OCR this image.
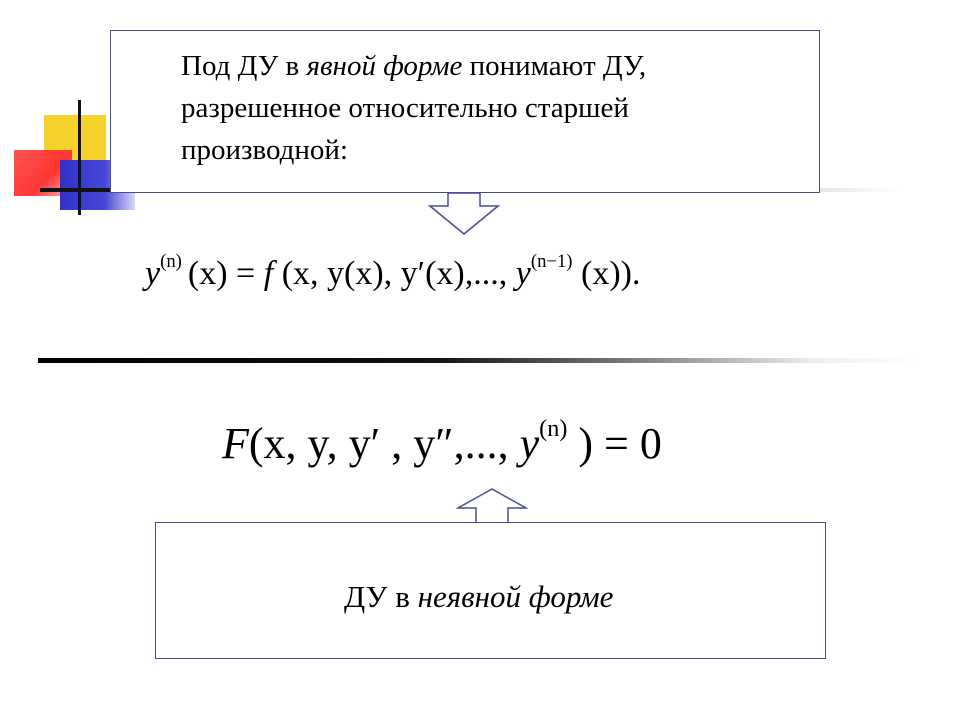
Под ДУ в явной форме понимают ДУ,
разрешенное относительно старшей
производной:
$y^{(n)}$ (x) = f (x, y(x), y′(x),..., $y^{(n-1)}$ (x)).
F(x, y, y′ , y″,..., $y^{(n)}$ ) = 0
ДУ в неявной форме
